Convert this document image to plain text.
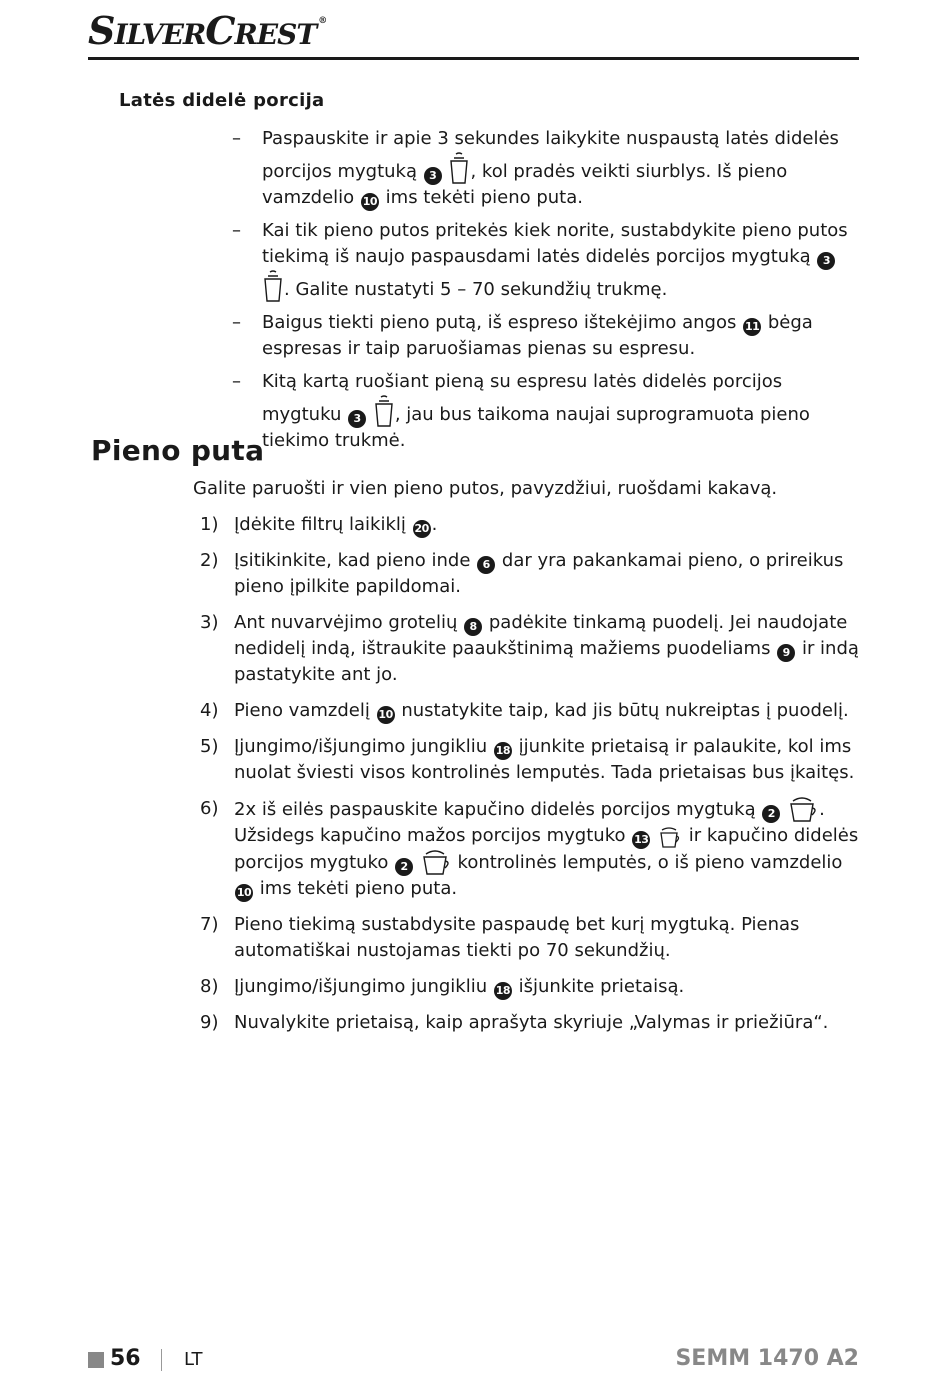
SILVERCREST ®
Latės didelė porcija
– Paspauskite ir apie 3 sekundes laikykite nuspaustą latės didelės porcijos mygtuką 3 , kol pradės veikti siurblys. Iš pieno vamzdelio 10 ims tekėti pieno puta.
– Kai tik pieno putos pritekės kiek norite, sustabdykite pieno putos tiekimą iš naujo paspausdami latės didelės porcijos mygtuką 3 . Galite nustatyti 5 – 70 sekundžių trukmę.
– Baigus tiekti pieno putą, iš espreso ištekėjimo angos 11 bėga espresas ir taip paruošiamas pienas su espresu.
– Kitą kartą ruošiant pieną su espresu latės didelės porcijos mygtuku 3 , jau bus taikoma naujai suprogramuota pieno tiekimo trukmė.
Pieno puta
Galite paruošti ir vien pieno putos, pavyzdžiui, ruošdami kakavą.
1) Įdėkite filtrų laikiklį 20 .
2) Įsitikinkite, kad pieno inde 6 dar yra pakankamai pieno, o prireikus pieno įpilkite papildomai.
3) Ant nuvarvėjimo grotelių 8 padėkite tinkamą puodelį. Jei naudojate nedidelį indą, ištraukite paaukštinimą mažiems puodeliams 9 ir indą pastatykite ant jo.
4) Pieno vamzdelį 10 nustatykite taip, kad jis būtų nukreiptas į puodelį.
5) Įjungimo/išjungimo jungikliu 18 įjunkite prietaisą ir palaukite, kol ims nuolat šviesti visos kontrolinės lemputės. Tada prietaisas bus įkaitęs.
6) 2x iš eilės paspauskite kapučino didelės porcijos mygtuką 2 . Užsidegs kapučino mažos porcijos mygtuko 13 ir kapučino didelės porcijos mygtuko 2	kontrolinės lemputės, o iš pieno vamzdelio 10 ims tekėti pieno puta.
7) Pieno tiekimą sustabdysite paspaudę bet kurį mygtuką. Pienas automatiškai nustojamas tiekti po 70 sekundžių.
8) Įjungimo/išjungimo jungikliu 18 išjunkite prietaisą.
9) Nuvalykite prietaisą, kaip aprašyta skyriuje „Valymas ir priežiūra“.
56 LT	SEMM 1470 A2
